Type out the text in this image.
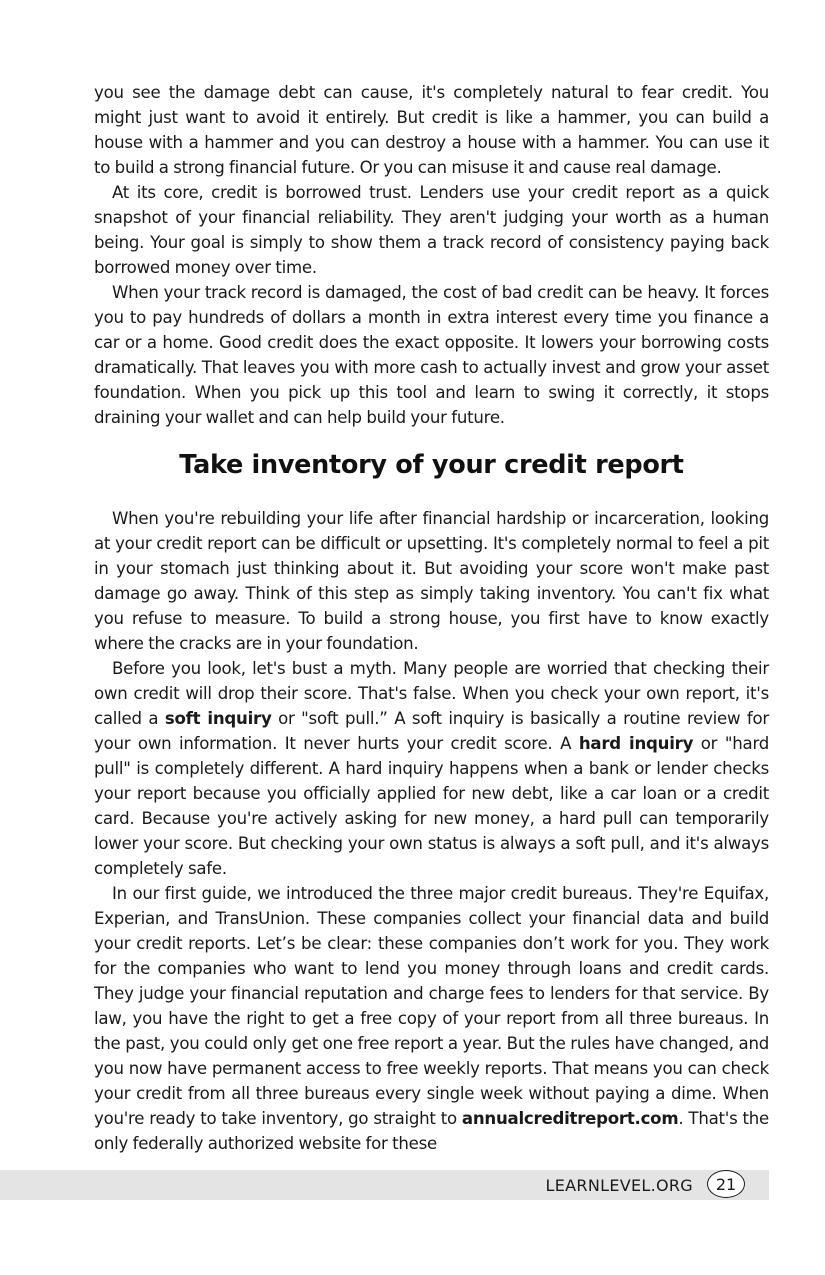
you see the damage debt can cause, it's completely natural to fear credit. You might just want to avoid it entirely. But credit is like a hammer, you can build a house with a hammer and you can destroy a house with a hammer. You can use it to build a strong financial future. Or you can misuse it and cause real damage.

At its core, credit is borrowed trust. Lenders use your credit report as a quick snapshot of your financial reliability. They aren't judging your worth as a human being. Your goal is simply to show them a track record of consistency paying back borrowed money over time.

When your track record is damaged, the cost of bad credit can be heavy. It forces you to pay hundreds of dollars a month in extra interest every time you finance a car or a home. Good credit does the exact opposite. It lowers your borrowing costs dramatically. That leaves you with more cash to actually invest and grow your asset foundation. When you pick up this tool and learn to swing it correctly, it stops draining your wallet and can help build your future.

Take inventory of your credit report

When you're rebuilding your life after financial hardship or incarceration, looking at your credit report can be difficult or upsetting. It's completely normal to feel a pit in your stomach just thinking about it. But avoiding your score won't make past damage go away. Think of this step as simply taking inventory. You can't fix what you refuse to measure. To build a strong house, you first have to know exactly where the cracks are in your foundation.

Before you look, let's bust a myth. Many people are worried that checking their own credit will drop their score. That's false. When you check your own report, it's called a soft inquiry or "soft pull.” A soft inquiry is basically a routine review for your own information. It never hurts your credit score. A hard inquiry or "hard pull" is completely different. A hard inquiry happens when a bank or lender checks your report because you officially applied for new debt, like a car loan or a credit card. Because you're actively asking for new money, a hard pull can temporarily lower your score. But checking your own status is always a soft pull, and it's always completely safe.

In our first guide, we introduced the three major credit bureaus. They're Equifax, Experian, and TransUnion. These companies collect your financial data and build your credit reports. Let’s be clear: these companies don’t work for you. They work for the companies who want to lend you money through loans and credit cards. They judge your financial reputation and charge fees to lenders for that service. By law, you have the right to get a free copy of your report from all three bureaus. In the past, you could only get one free report a year. But the rules have changed, and you now have permanent access to free weekly reports. That means you can check your credit from all three bureaus every single week without paying a dime. When you're ready to take inventory, go straight to annualcreditreport.com. That's the only federally authorized website for these

LEARNLEVEL.ORG	21
